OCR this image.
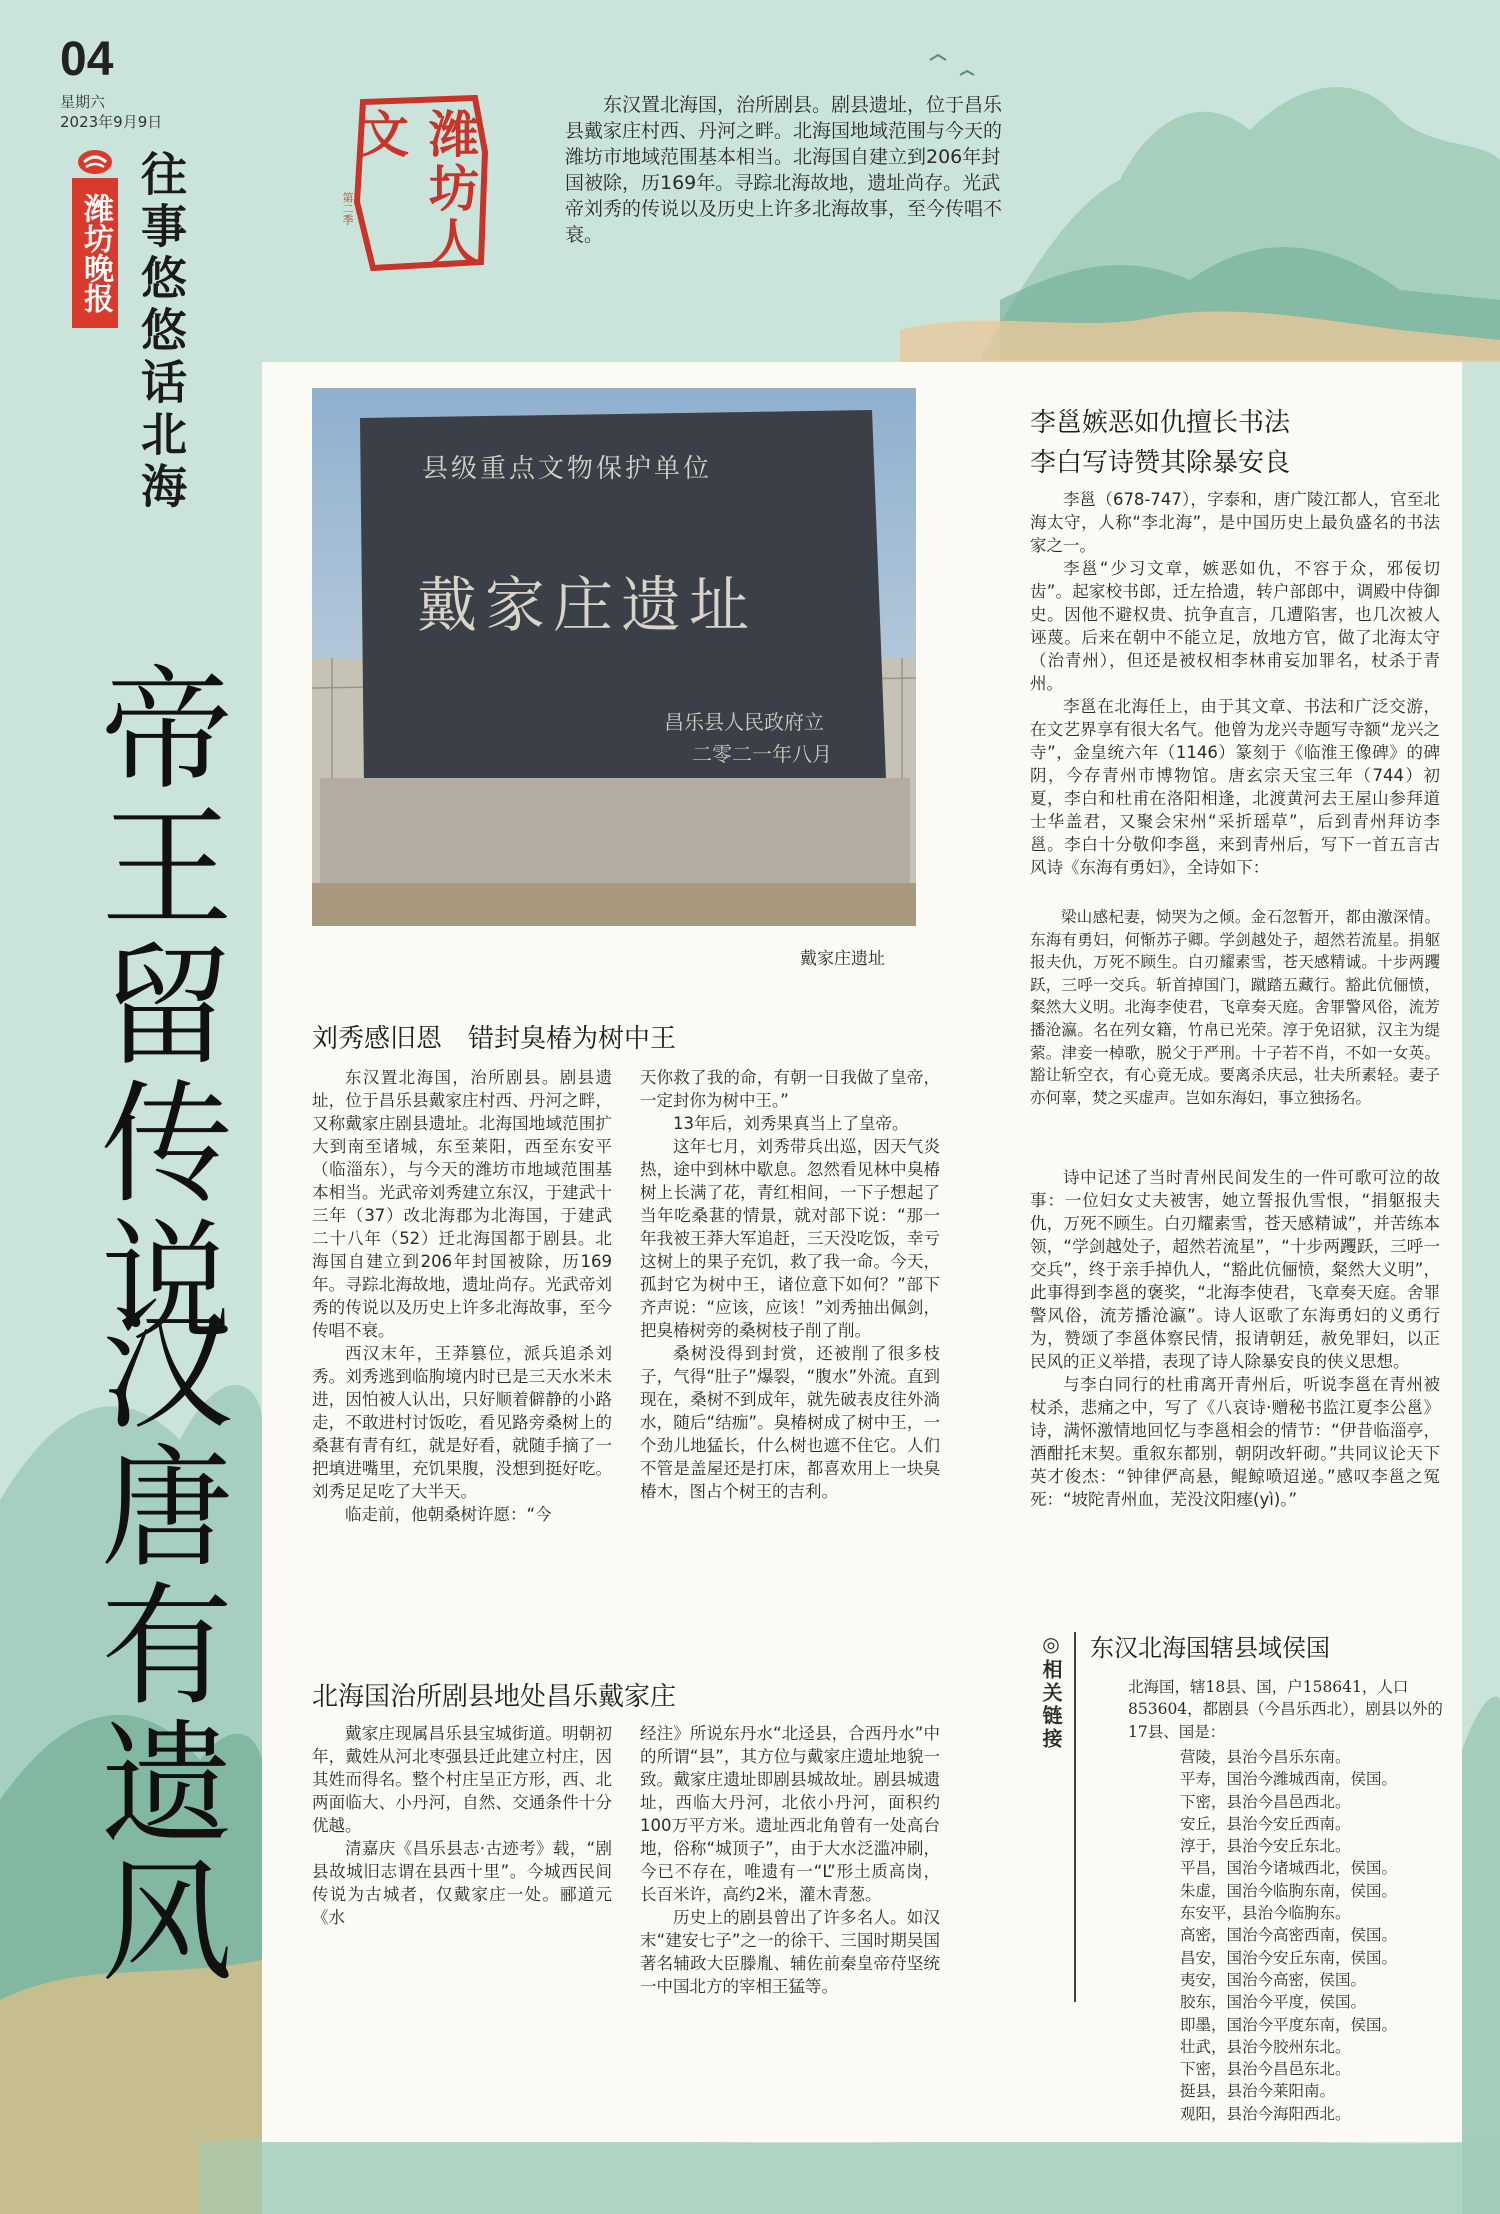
04
星期六
2023年9月9日
潍坊晚报 往事悠悠话北海	潍坊人文
第二季
东汉置北海国，治所剧县。剧县遗址，位于昌乐县戴家庄村西、丹河之畔。北海国地域范围与今天的潍坊市地域范围基本相当。北海国自建立到206年封国被除，历169年。寻踪北海故地，遗址尚存。光武帝刘秀的传说以及历史上许多北海故事，至今传唱不衰。
帝王留传说
汉唐有遗风
县级重点文物保护单位
戴家庄遗址
昌乐县人民政府立
二零二一年八月
戴家庄遗址
刘秀感旧恩　错封臭椿为树中王

东汉置北海国，治所剧县。剧县遗址，位于昌乐县戴家庄村西、丹河之畔，又称戴家庄剧县遗址。北海国地域范围扩大到南至诸城，东至莱阳，西至东安平（临淄东），与今天的潍坊市地域范围基本相当。光武帝刘秀建立东汉，于建武十三年（37）改北海郡为北海国，于建武二十八年（52）迁北海国都于剧县。北海国自建立到206年封国被除，历169年。寻踪北海故地，遗址尚存。光武帝刘秀的传说以及历史上许多北海故事，至今传唱不衰。

西汉末年，王莽篡位，派兵追杀刘秀。刘秀逃到临朐境内时已是三天水米未进，因怕被人认出，只好顺着僻静的小路走，不敢进村讨饭吃，看见路旁桑树上的桑葚有青有红，就是好看，就随手摘了一把填进嘴里，充饥果腹，没想到挺好吃。刘秀足足吃了大半天。

临走前，他朝桑树许愿：“今

天你救了我的命，有朝一日我做了皇帝，一定封你为树中王。”

13年后，刘秀果真当上了皇帝。

这年七月，刘秀带兵出巡，因天气炎热，途中到林中歇息。忽然看见林中臭椿树上长满了花，青红相间，一下子想起了当年吃桑葚的情景，就对部下说：“那一年我被王莽大军追赶，三天没吃饭，幸亏这树上的果子充饥，救了我一命。今天，孤封它为树中王，诸位意下如何？”部下齐声说：“应该，应该！”刘秀抽出佩剑，把臭椿树旁的桑树枝子削了削。

桑树没得到封赏，还被削了很多枝子，气得“肚子”爆裂，“腹水”外流。直到现在，桑树不到成年，就先破表皮往外淌水，随后“结痂”。臭椿树成了树中王，一个劲儿地猛长，什么树也遮不住它。人们不管是盖屋还是打床，都喜欢用上一块臭椿木，图占个树王的吉利。

北海国治所剧县地处昌乐戴家庄

戴家庄现属昌乐县宝城街道。明朝初年，戴姓从河北枣强县迁此建立村庄，因其姓而得名。整个村庄呈正方形，西、北两面临大、小丹河，自然、交通条件十分优越。

清嘉庆《昌乐县志·古迹考》载，“剧县故城旧志谓在县西十里”。今城西民间传说为古城者，仅戴家庄一处。郦道元《水

经注》所说东丹水“北迳县，合西丹水”中的所谓“县”，其方位与戴家庄遗址地貌一致。戴家庄遗址即剧县城故址。剧县城遗址，西临大丹河，北依小丹河，面积约100万平方米。遗址西北角曾有一处高台地，俗称“城顶子”，由于大水泛滥冲刷，今已不存在，唯遗有一“L”形土质高岗，长百米许，高约2米，灌木青葱。

历史上的剧县曾出了许多名人。如汉末“建安七子”之一的徐干、三国时期吴国著名辅政大臣滕胤、辅佐前秦皇帝苻坚统一中国北方的宰相王猛等。

李邕嫉恶如仇擅长书法
李白写诗赞其除暴安良

李邕（678-747），字泰和，唐广陵江都人，官至北海太守，人称“李北海”，是中国历史上最负盛名的书法家之一。

李邕“少习文章，嫉恶如仇，不容于众，邪佞切齿”。起家校书郎，迁左拾遗，转户部郎中，调殿中侍御史。因他不避权贵、抗争直言，几遭陷害，也几次被人诬蔑。后来在朝中不能立足，放地方官，做了北海太守（治青州），但还是被权相李林甫妄加罪名，杖杀于青州。

李邕在北海任上，由于其文章、书法和广泛交游，在文艺界享有很大名气。他曾为龙兴寺题写寺额“龙兴之寺”，金皇统六年（1146）篆刻于《临淮王像碑》的碑阴，今存青州市博物馆。唐玄宗天宝三年（744）初夏，李白和杜甫在洛阳相逢，北渡黄河去王屋山参拜道士华盖君，又聚会宋州“采折瑶草”，后到青州拜访李邕。李白十分敬仰李邕，来到青州后，写下一首五言古风诗《东海有勇妇》，全诗如下：

梁山感杞妻，恸哭为之倾。金石忽暂开，都由激深情。东海有勇妇，何惭苏子卿。学剑越处子，超然若流星。捐躯报夫仇，万死不顾生。白刃耀素雪，苍天感精诚。十步两躩跃，三呼一交兵。斩首掉国门，蹴踏五藏行。豁此伉俪愤，粲然大义明。北海李使君，飞章奏天庭。舍罪警风俗，流芳播沧瀛。名在列女籍，竹帛已光荣。淳于免诏狱，汉主为缇萦。津妾一棹歌，脱父于严刑。十子若不肖，不如一女英。豁让斩空衣，有心竟无成。要离杀庆忌，壮夫所素轻。妻子亦何辜，焚之买虚声。岂如东海妇，事立独扬名。

诗中记述了当时青州民间发生的一件可歌可泣的故事：一位妇女丈夫被害，她立誓报仇雪恨，“捐躯报夫仇，万死不顾生。白刃耀素雪，苍天感精诚”，并苦练本领，“学剑越处子，超然若流星”，“十步两躩跃，三呼一交兵”，终于亲手掉仇人，“豁此伉俪愤，粲然大义明”，此事得到李邕的褒奖，“北海李使君，飞章奏天庭。舍罪警风俗，流芳播沧瀛”。诗人讴歌了东海勇妇的义勇行为，赞颂了李邕体察民情，报请朝廷，赦免罪妇，以正民风的正义举措，表现了诗人除暴安良的侠义思想。

与李白同行的杜甫离开青州后，听说李邕在青州被杖杀，悲痛之中，写了《八哀诗·赠秘书监江夏李公邕》诗，满怀激情地回忆与李邕相会的情节：“伊昔临淄亭，酒酣托末契。重叙东都别，朝阴改轩砌。”共同议论天下英才俊杰：“钟律俨高悬，鲲鲸喷迢递。”感叹李邕之冤死：“坡陀青州血，芜没汶阳瘗(yì)。”

◎相关链接 东汉北海国辖县域侯国

北海国，辖18县、国，户158641，人口853604，都剧县（今昌乐西北），剧县以外的17县、国是：

营陵，县治今昌乐东南。
平寿，国治今潍城西南，侯国。
下密，县治今昌邑西北。
安丘，县治今安丘西南。
淳于，县治今安丘东北。
平昌，国治今诸城西北，侯国。
朱虚，国治今临朐东南，侯国。
东安平，县治今临朐东。
高密，国治今高密西南，侯国。
昌安，国治今安丘东南，侯国。
夷安，国治今高密，侯国。
胶东，国治今平度，侯国。
即墨，国治今平度东南，侯国。
壮武，县治今胶州东北。
下密，县治今昌邑东北。
挺县，县治今莱阳南。
观阳，县治今海阳西北。
